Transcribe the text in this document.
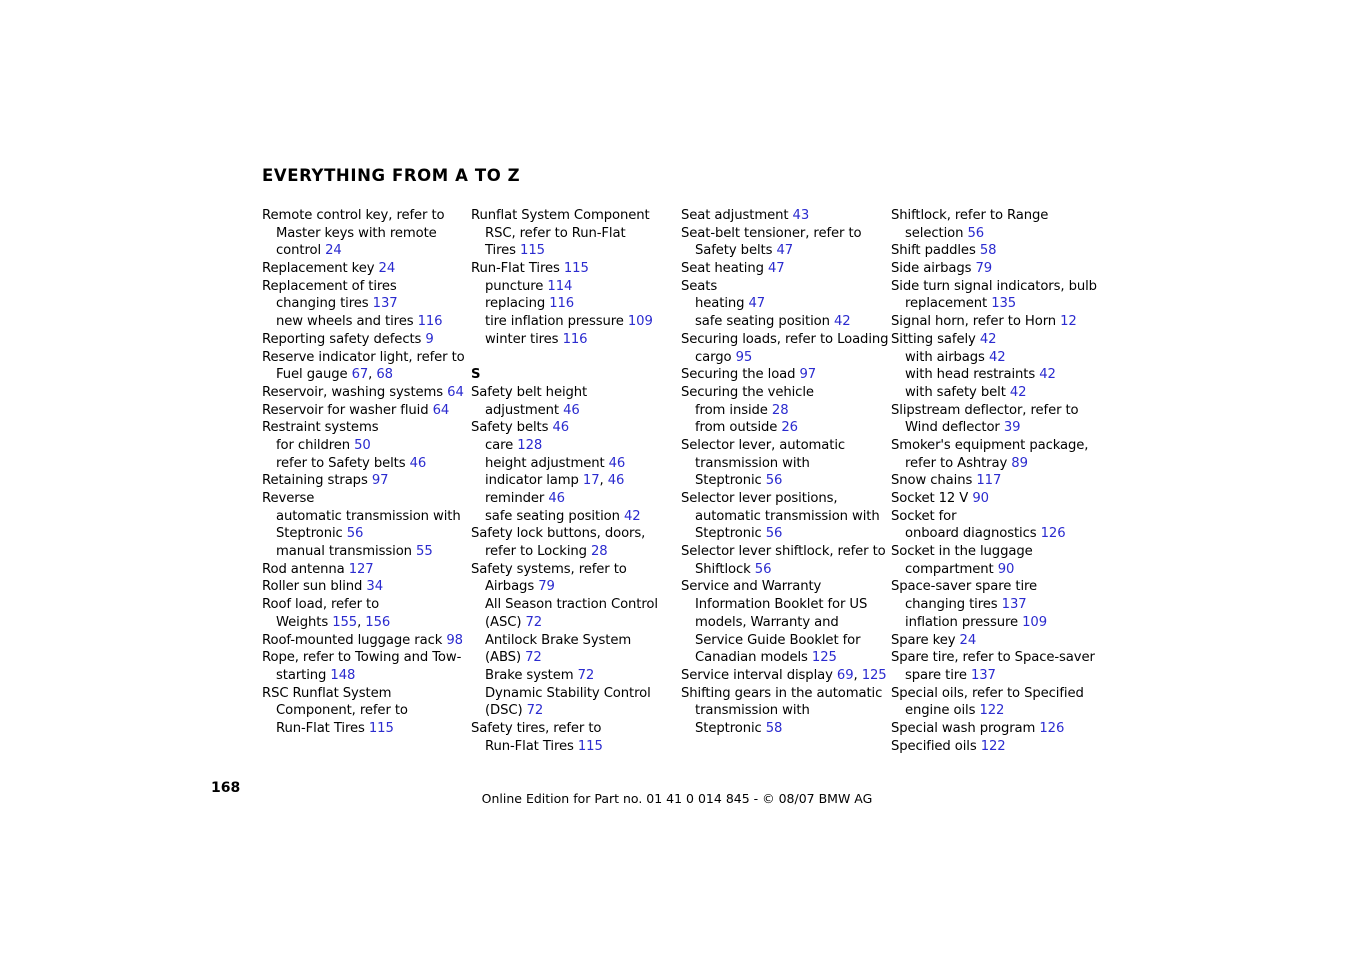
EVERYTHING FROM A TO Z
Remote control key, refer to
Master keys with remote
control 24
Replacement key 24
Replacement of tires
changing tires 137
new wheels and tires 116
Reporting safety defects 9
Reserve indicator light, refer to
Fuel gauge 67, 68
Reservoir, washing systems 64
Reservoir for washer fluid 64
Restraint systems
for children 50
refer to Safety belts 46
Retaining straps 97
Reverse
automatic transmission with
Steptronic 56
manual transmission 55
Rod antenna 127
Roller sun blind 34
Roof load, refer to
Weights 155, 156
Roof-mounted luggage rack 98
Rope, refer to Towing and Tow-
starting 148
RSC Runflat System
Component, refer to
Run-Flat Tires 115
Runflat System Component
RSC, refer to Run-Flat
Tires 115
Run-Flat Tires 115
puncture 114
replacing 116
tire inflation pressure 109
winter tires 116
S
Safety belt height
adjustment 46
Safety belts 46
care 128
height adjustment 46
indicator lamp 17, 46
reminder 46
safe seating position 42
Safety lock buttons, doors,
refer to Locking 28
Safety systems, refer to
Airbags 79
All Season traction Control
(ASC) 72
Antilock Brake System
(ABS) 72
Brake system 72
Dynamic Stability Control
(DSC) 72
Safety tires, refer to
Run-Flat Tires 115
Seat adjustment 43
Seat-belt tensioner, refer to
Safety belts 47
Seat heating 47
Seats
heating 47
safe seating position 42
Securing loads, refer to Loading
cargo 95
Securing the load 97
Securing the vehicle
from inside 28
from outside 26
Selector lever, automatic
transmission with
Steptronic 56
Selector lever positions,
automatic transmission with
Steptronic 56
Selector lever shiftlock, refer to
Shiftlock 56
Service and Warranty
Information Booklet for US
models, Warranty and
Service Guide Booklet for
Canadian models 125
Service interval display 69, 125
Shifting gears in the automatic
transmission with
Steptronic 58
Shiftlock, refer to Range
selection 56
Shift paddles 58
Side airbags 79
Side turn signal indicators, bulb
replacement 135
Signal horn, refer to Horn 12
Sitting safely 42
with airbags 42
with head restraints 42
with safety belt 42
Slipstream deflector, refer to
Wind deflector 39
Smoker's equipment package,
refer to Ashtray 89
Snow chains 117
Socket 12 V 90
Socket for
onboard diagnostics 126
Socket in the luggage
compartment 90
Space-saver spare tire
changing tires 137
inflation pressure 109
Spare key 24
Spare tire, refer to Space-saver
spare tire 137
Special oils, refer to Specified
engine oils 122
Special wash program 126
Specified oils 122
168
Online Edition for Part no. 01 41 0 014 845 - © 08/07 BMW AG
